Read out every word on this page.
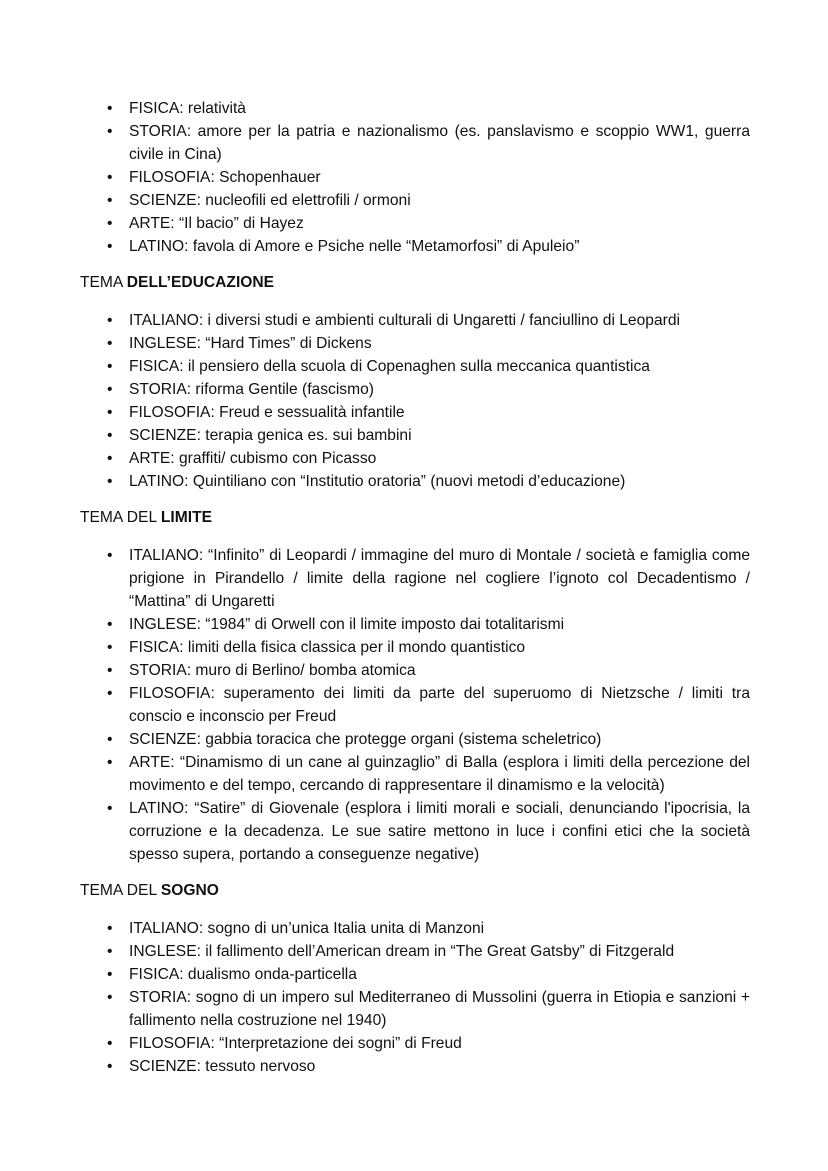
• FISICA: relatività
• STORIA: amore per la patria e nazionalismo (es. panslavismo e scoppio WW1, guerra civile in Cina)
• FILOSOFIA: Schopenhauer
• SCIENZE: nucleofili ed elettrofili / ormoni
• ARTE: “Il bacio” di Hayez
• LATINO: favola di Amore e Psiche nelle “Metamorfosi” di Apuleio”
TEMA DELL’EDUCAZIONE
• ITALIANO: i diversi studi e ambienti culturali di Ungaretti / fanciullino di Leopardi
• INGLESE: “Hard Times” di Dickens
• FISICA: il pensiero della scuola di Copenaghen sulla meccanica quantistica
• STORIA: riforma Gentile (fascismo)
• FILOSOFIA: Freud e sessualità infantile
• SCIENZE: terapia genica es. sui bambini
• ARTE: graffiti/ cubismo con Picasso
• LATINO: Quintiliano con “Institutio oratoria” (nuovi metodi d’educazione)
TEMA DEL LIMITE
• ITALIANO: “Infinito” di Leopardi / immagine del muro di Montale / società e famiglia come prigione in Pirandello / limite della ragione nel cogliere l’ignoto col Decadentismo / “Mattina” di Ungaretti
• INGLESE: “1984” di Orwell con il limite imposto dai totalitarismi
• FISICA: limiti della fisica classica per il mondo quantistico
• STORIA: muro di Berlino/ bomba atomica
• FILOSOFIA: superamento dei limiti da parte del superuomo di Nietzsche / limiti tra conscio e inconscio per Freud
• SCIENZE: gabbia toracica che protegge organi (sistema scheletrico)
• ARTE: “Dinamismo di un cane al guinzaglio” di Balla (esplora i limiti della percezione del movimento e del tempo, cercando di rappresentare il dinamismo e la velocità)
• LATINO: “Satire” di Giovenale (esplora i limiti morali e sociali, denunciando l'ipocrisia, la corruzione e la decadenza. Le sue satire mettono in luce i confini etici che la società spesso supera, portando a conseguenze negative)
TEMA DEL SOGNO
• ITALIANO: sogno di un’unica Italia unita di Manzoni
• INGLESE: il fallimento dell’American dream in “The Great Gatsby” di Fitzgerald
• FISICA: dualismo onda-particella
• STORIA: sogno di un impero sul Mediterraneo di Mussolini (guerra in Etiopia e sanzioni + fallimento nella costruzione nel 1940)
• FILOSOFIA: “Interpretazione dei sogni” di Freud
• SCIENZE: tessuto nervoso
